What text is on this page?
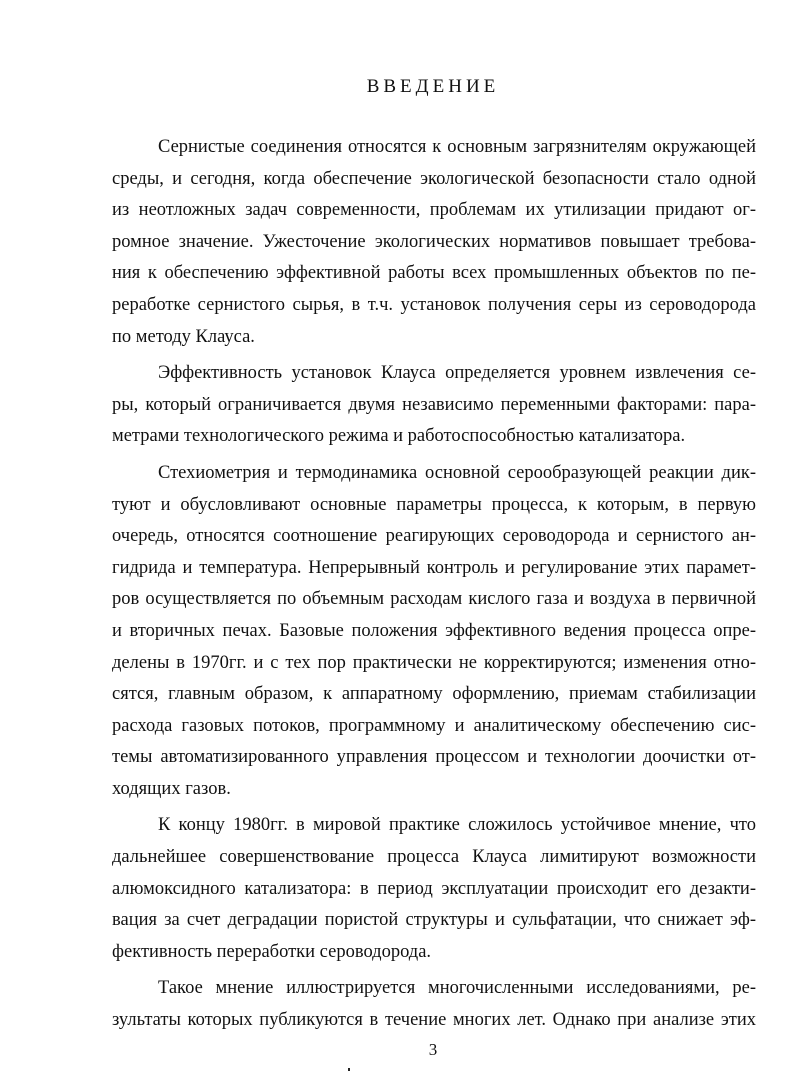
ВВЕДЕНИЕ

Сернистые соединения относятся к основным загрязнителям окружающей
среды, и сегодня, когда обеспечение экологической безопасности стало одной
из неотложных задач современности, проблемам их утилизации придают ог-
ромное значение. Ужесточение экологических нормативов повышает требова-
ния к обеспечению эффективной работы всех промышленных объектов по пе-
реработке сернистого сырья, в т.ч. установок получения серы из сероводорода
по методу Клауса.

Эффективность установок Клауса определяется уровнем извлечения се-
ры, который ограничивается двумя независимо переменными факторами: пара-
метрами технологического режима и работоспособностью катализатора.

Стехиометрия и термодинамика основной серообразующей реакции дик-
туют и обусловливают основные параметры процесса, к которым, в первую
очередь, относятся соотношение реагирующих сероводорода и сернистого ан-
гидрида и температура. Непрерывный контроль и регулирование этих парамет-
ров осуществляется по объемным расходам кислого газа и воздуха в первичной
и вторичных печах. Базовые положения эффективного ведения процесса опре-
делены в 1970гг. и с тех пор практически не корректируются; изменения отно-
сятся, главным образом, к аппаратному оформлению, приемам стабилизации
расхода газовых потоков, программному и аналитическому обеспечению сис-
темы автоматизированного управления процессом и технологии доочистки от-
ходящих газов.

К концу 1980гг. в мировой практике сложилось устойчивое мнение, что
дальнейшее совершенствование процесса Клауса лимитируют возможности
алюмоксидного катализатора: в период эксплуатации происходит его дезакти-
вация за счет деградации пористой структуры и сульфатации, что снижает эф-
фективность переработки сероводорода.

Такое мнение иллюстрируется многочисленными исследованиями, ре-
зультаты которых публикуются в течение многих лет. Однако при анализе этих

3
